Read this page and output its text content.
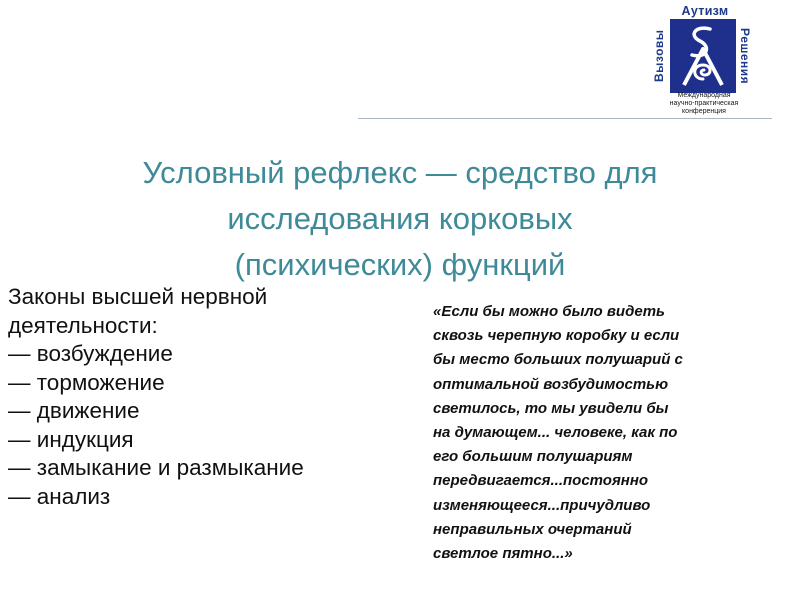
Аутизм
Вызовы	Решения
Международная
научно-практическая
конференция
Условный рефлекс — средство для
исследования корковых
(психических) функций
Законы высшей нервной
деятельности:
— возбуждение
— торможение
— движение
— индукция
— замыкание и размыкание
— анализ
«Если бы можно было видеть
сквозь черепную коробку и если
бы место больших полушарий с
оптимальной возбудимостью
светилось, то мы увидели бы
на думающем... человеке, как по
его большим полушариям
передвигается...постоянно
изменяющееся...причудливо
неправильных очертаний
светлое пятно...»
